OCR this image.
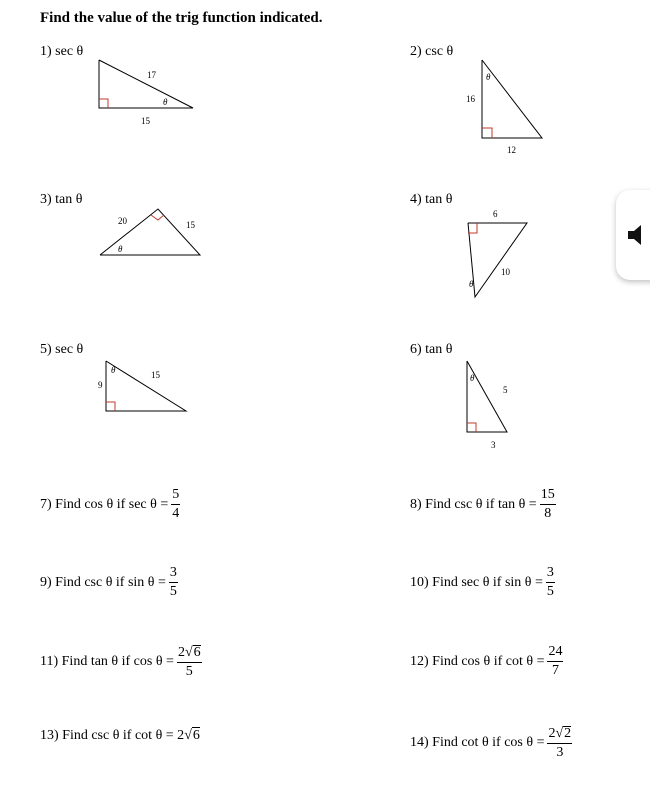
Find the value of the trig function indicated.
1) sec θ
17
15
θ
2) csc θ
16
12
θ
3) tan θ
20	15
θ
4) tan θ
6
10
θ
5) sec θ
9
15
θ
6) tan θ
5
3
θ
7) Find cos θ if $\sec \theta = \frac{5}{4}$	8) Find csc θ if $\tan \theta = \frac{15}{8}$
9) Find csc θ if $\sin \theta = \frac{3}{5}$	10) Find sec θ if $\sin \theta = \frac{3}{5}$
11) Find tan θ if $\cos \theta = \frac{2 √ 6}{5}$	12) Find cos θ if $\cot \theta = \frac{24}{7}$
13) Find csc θ if cot θ = 2 √ 6	14) Find cot θ if $\cos \theta = \frac{2 √ 2}{3}$
